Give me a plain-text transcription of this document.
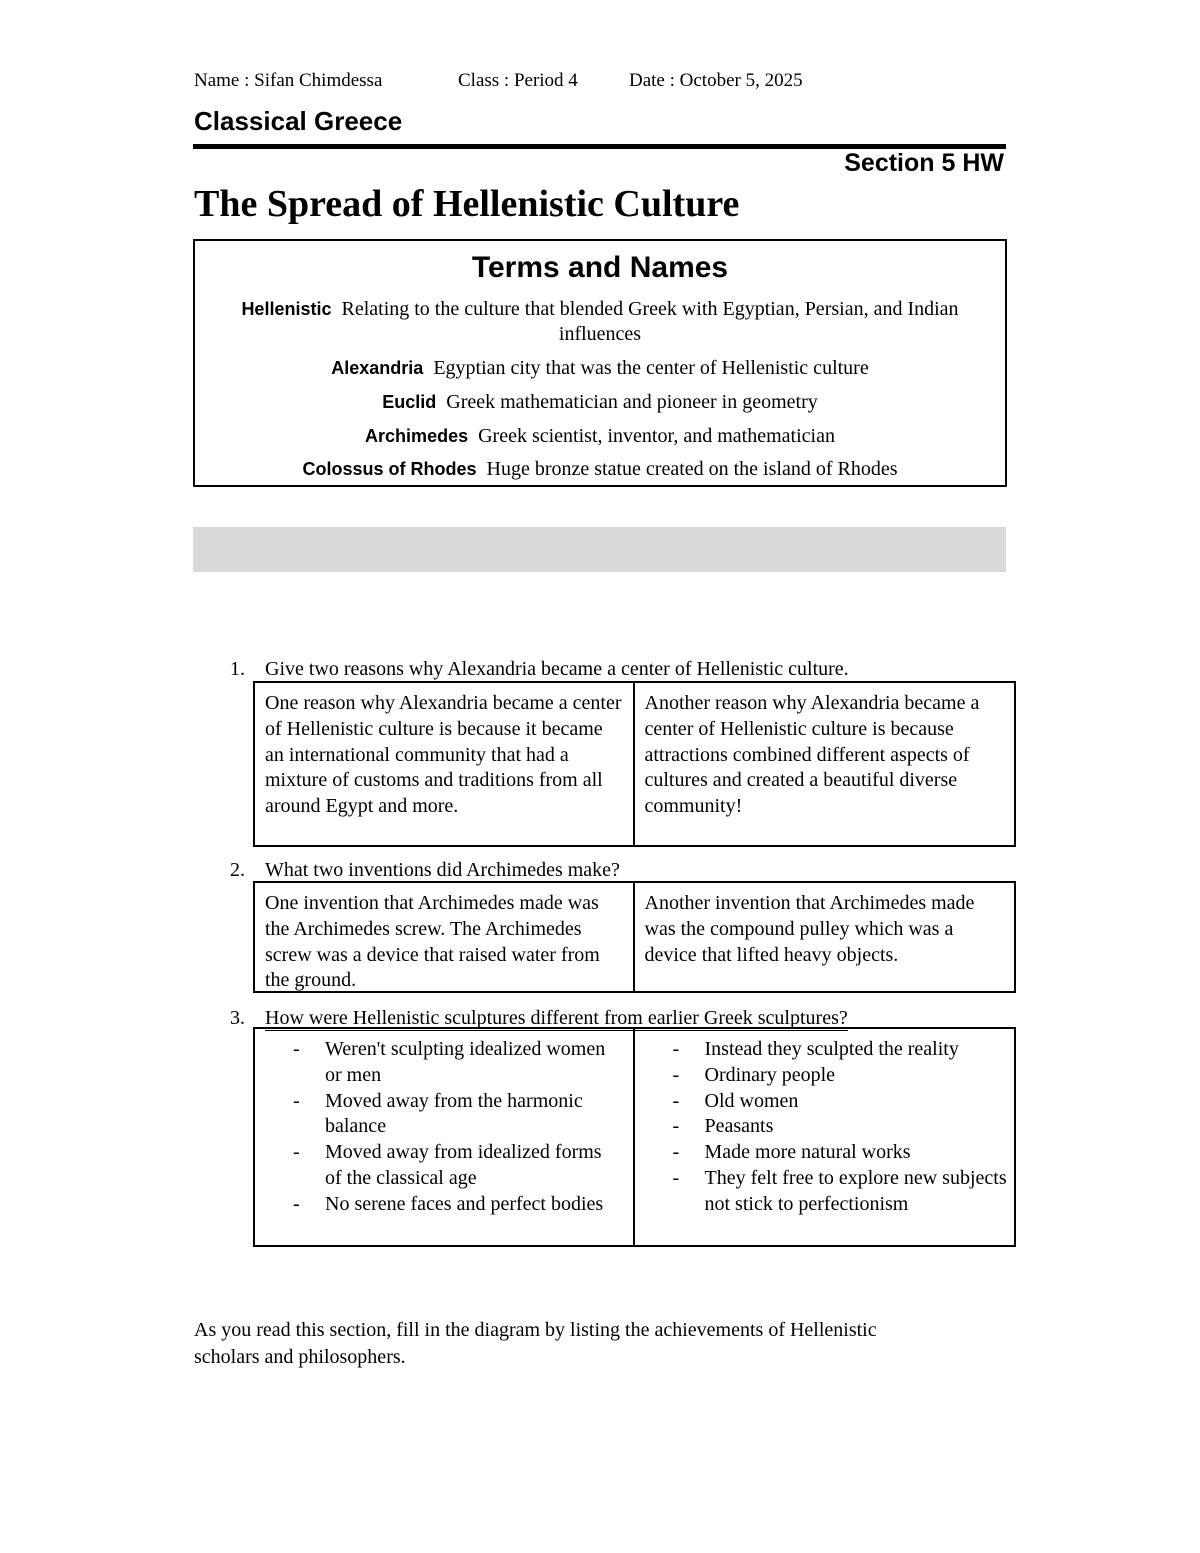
Name : Sifan Chimdessa	Class : Period 4	Date : October 5, 2025
Classical Greece
Section 5 HW
The Spread of Hellenistic Culture
Terms and Names
Hellenistic Relating to the culture that blended Greek with Egyptian, Persian, and Indian influences
Alexandria Egyptian city that was the center of Hellenistic culture
Euclid Greek mathematician and pioneer in geometry
Archimedes Greek scientist, inventor, and mathematician
Colossus of Rhodes Huge bronze statue created on the island of Rhodes
1. Give two reasons why Alexandria became a center of Hellenistic culture.
One reason why Alexandria became a center of Hellenistic culture is because it became an international community that had a mixture of customs and traditions from all around Egypt and more.
Another reason why Alexandria became a center of Hellenistic culture is because attractions combined different aspects of cultures and created a beautiful diverse community!
2. What two inventions did Archimedes make?
One invention that Archimedes made was the Archimedes screw. The Archimedes screw was a device that raised water from the ground.
Another invention that Archimedes made was the compound pulley which was a device that lifted heavy objects.
3. How were Hellenistic sculptures different from earlier Greek sculptures?
- Weren't sculpting idealized women or men
- Moved away from the harmonic balance
- Moved away from idealized forms of the classical age
- No serene faces and perfect bodies
- Instead they sculpted the reality
- Ordinary people
- Old women
- Peasants
- Made more natural works
- They felt free to explore new subjects not stick to perfectionism
As you read this section, fill in the diagram by listing the achievements of Hellenistic scholars and philosophers.
